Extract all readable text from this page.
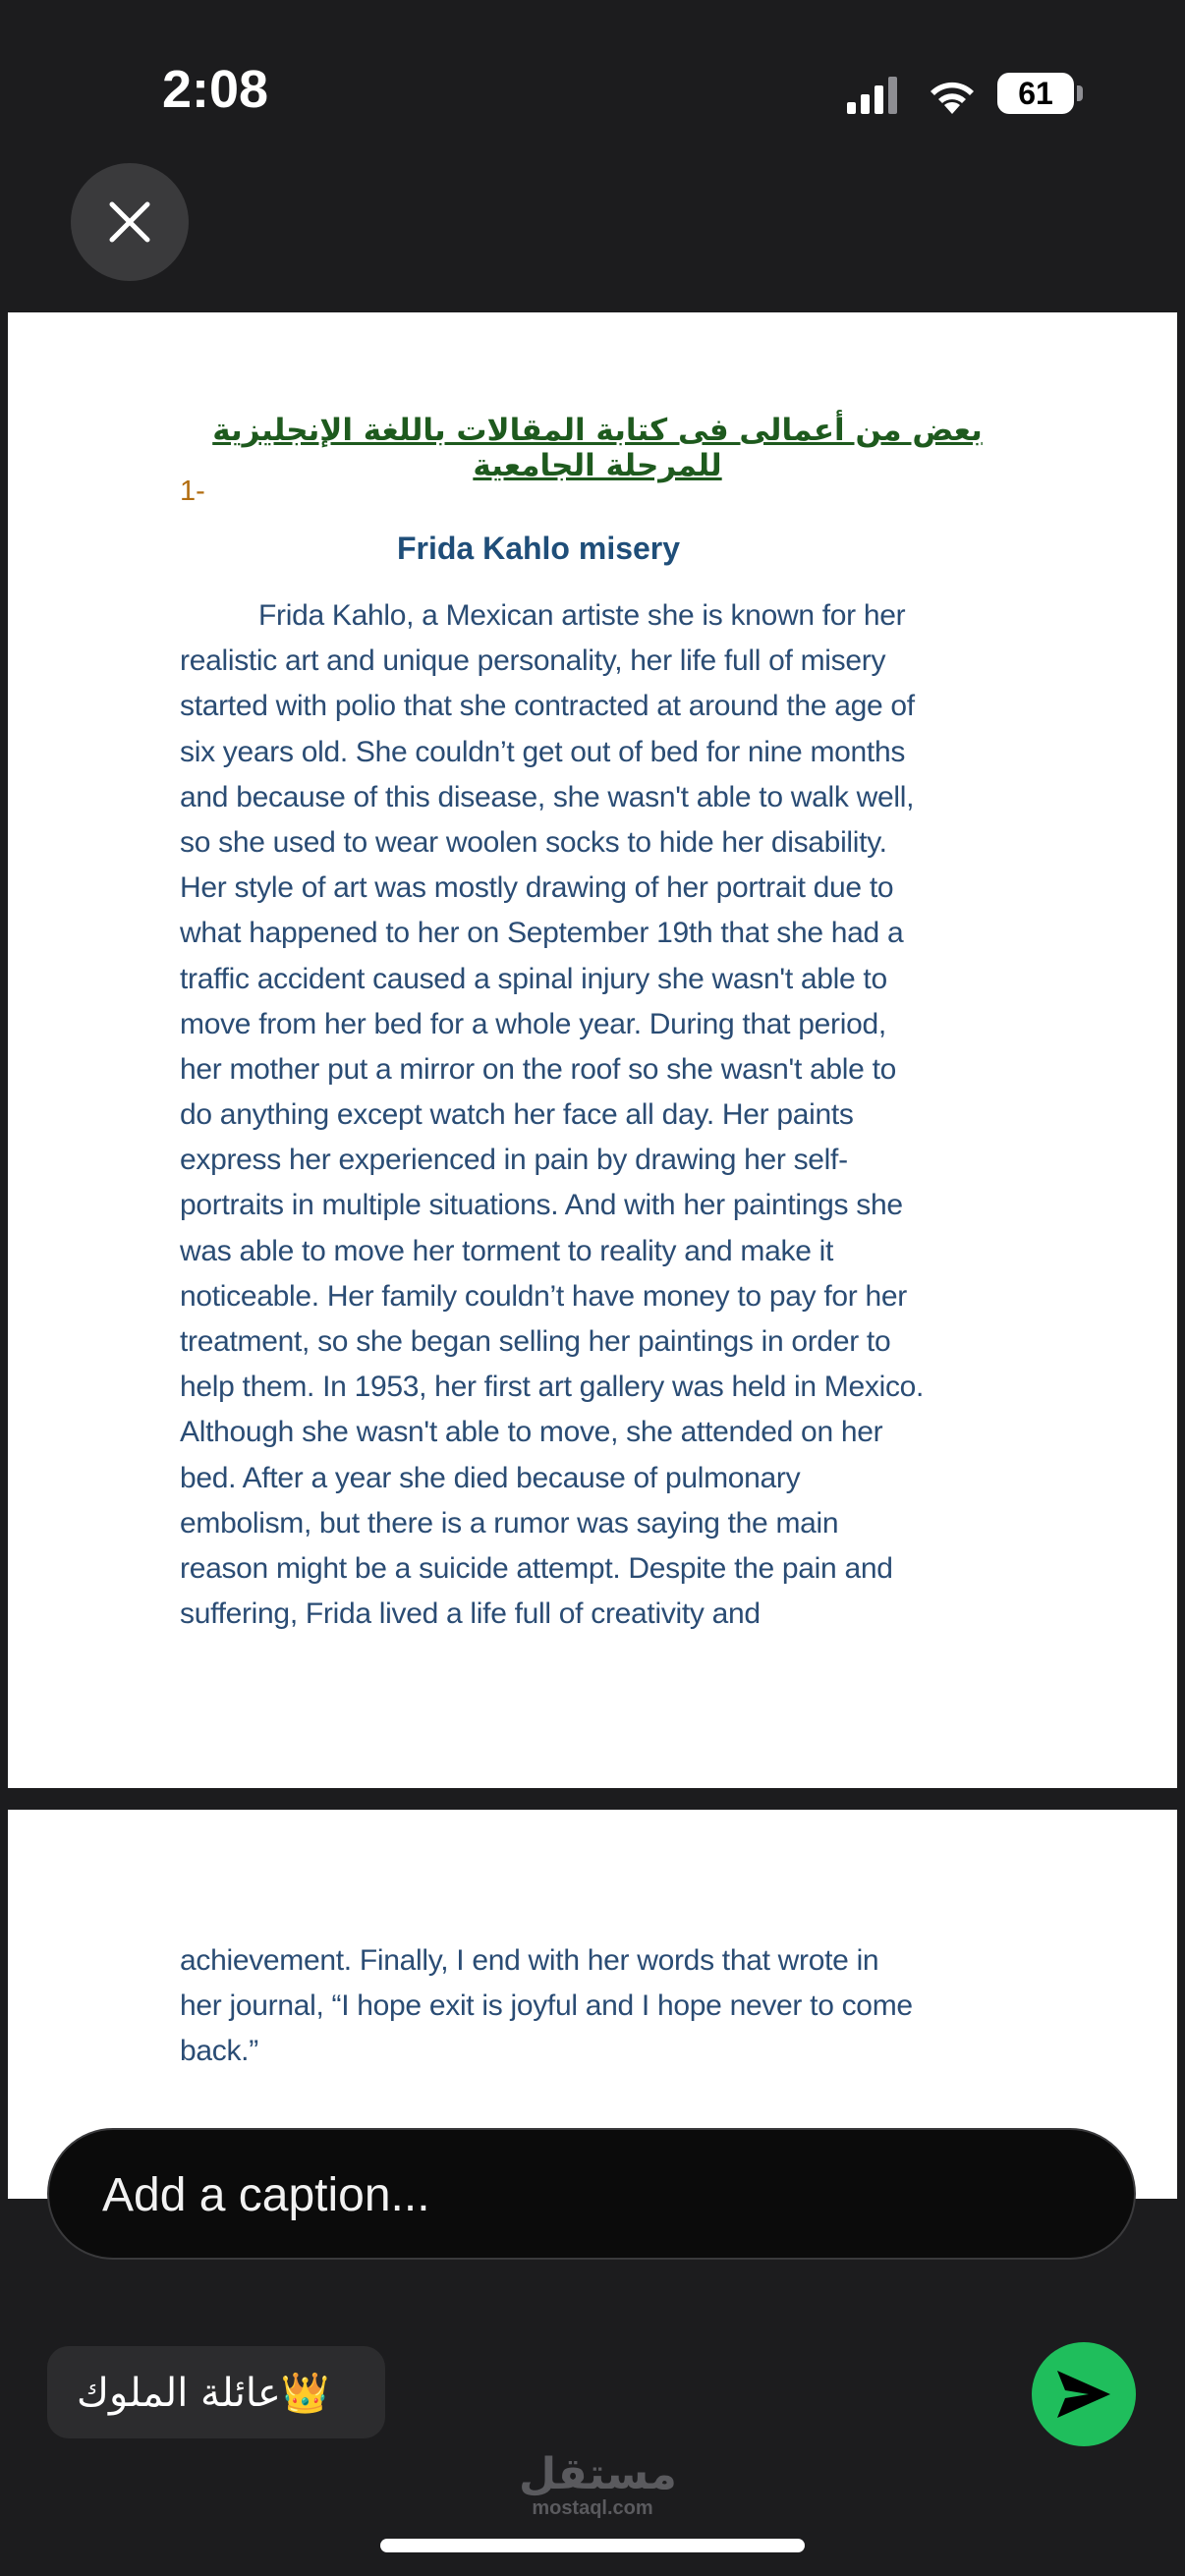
2:08	61
بعض من أعمالى فى كتابة المقالات باللغة الإنجليزية للمرحلة الجامعية
1-
Frida Kahlo misery
Frida Kahlo, a Mexican artiste she is known for her
realistic art and unique personality, her life full of misery
started with polio that she contracted at around the age of
six years old. She couldn’t get out of bed for nine months
and because of this disease, she wasn't able to walk well,
so she used to wear woolen socks to hide her disability.
Her style of art was mostly drawing of her portrait due to
what happened to her on September 19th that she had a
traffic accident caused a spinal injury she wasn't able to
move from her bed for a whole year. During that period,
her mother put a mirror on the roof so she wasn't able to
do anything except watch her face all day. Her paints
express her experienced in pain by drawing her self-
portraits in multiple situations. And with her paintings she
was able to move her torment to reality and make it
noticeable. Her family couldn’t have money to pay for her
treatment, so she began selling her paintings in order to
help them. In 1953, her first art gallery was held in Mexico.
Although she wasn't able to move, she attended on her
bed. After a year she died because of pulmonary
embolism, but there is a rumor was saying the main
reason might be a suicide attempt. Despite the pain and
suffering, Frida lived a life full of creativity and
achievement. Finally, I end with her words that wrote in
her journal, “I hope exit is joyful and I hope never to come
back.”
Add a caption...
عائلة الملوك👑
مستقل
mostaql.com
